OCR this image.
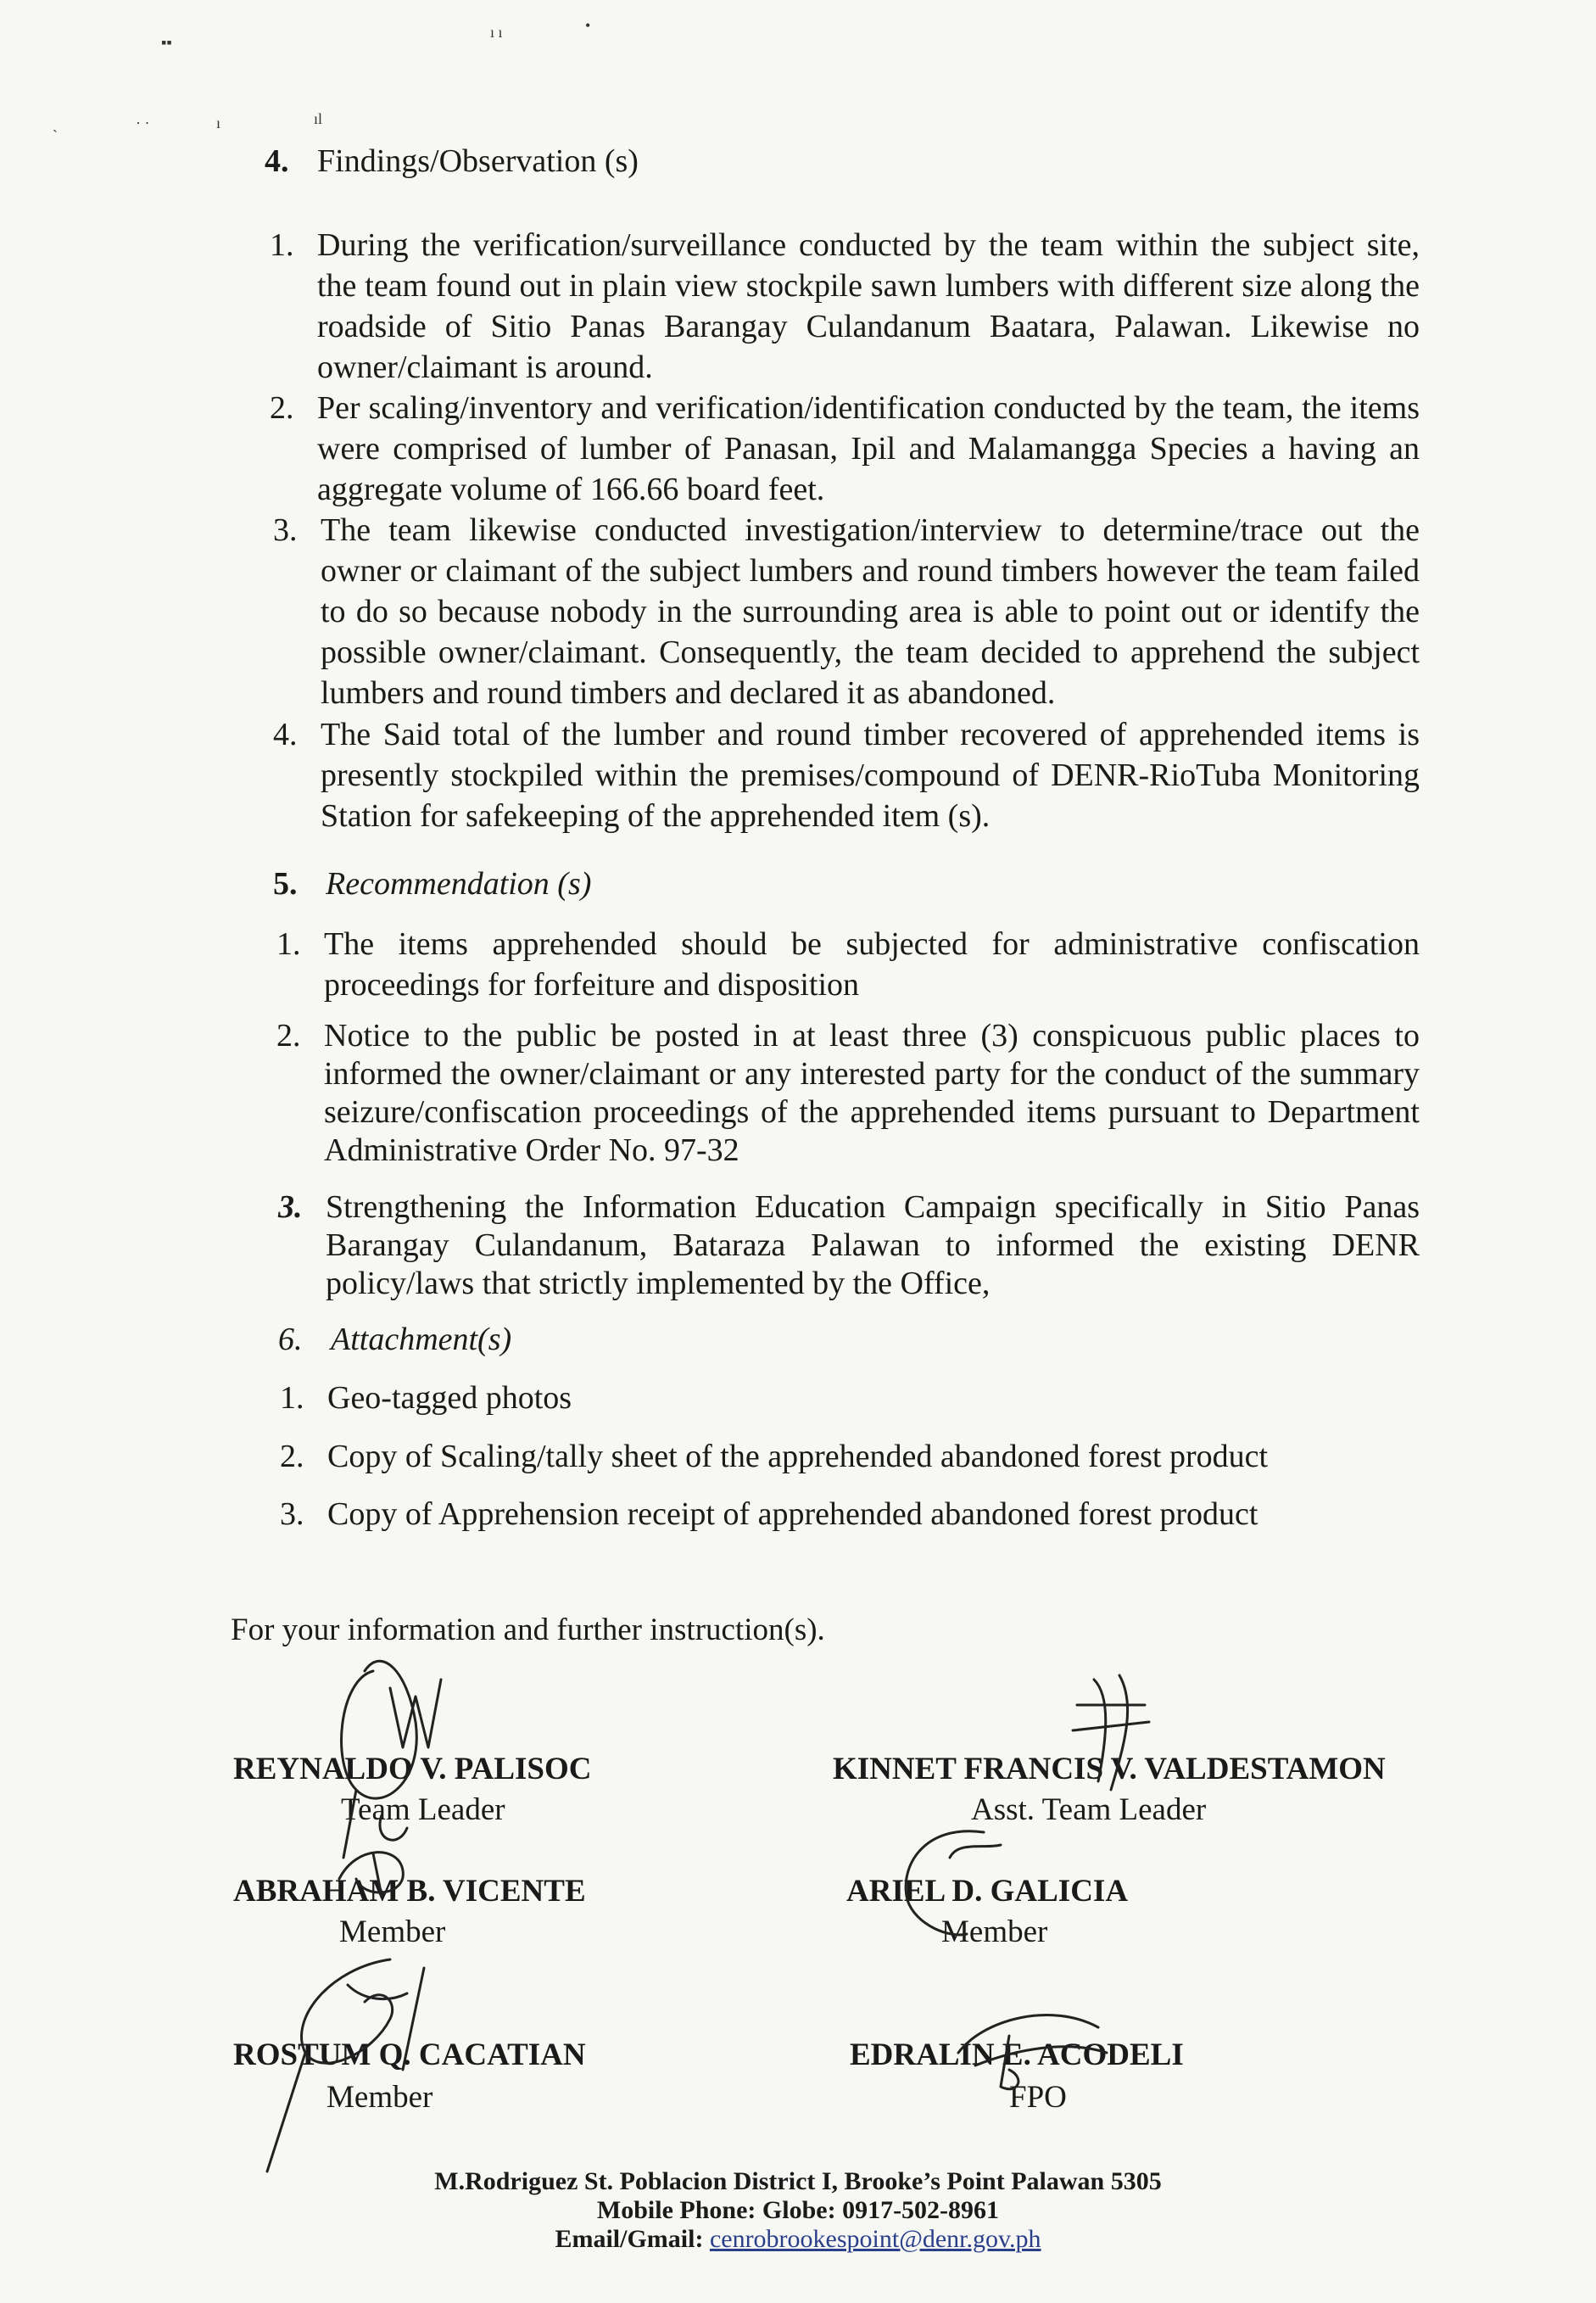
▪▪
ı ı	•
ˋ
· ·	ı	ıl
4. Findings/Observation (s)
1. During the verification/surveillance conducted by the team within the subject site, the team found out in plain view stockpile sawn lumbers with different size along the roadside of Sitio Panas Barangay Culandanum Baatara, Palawan. Likewise no owner/claimant is around.
2. Per scaling/inventory and verification/identification conducted by the team, the items were comprised of lumber of Panasan, Ipil and Malamangga Species a having an aggregate volume of 166.66 board feet.
3. The team likewise conducted investigation/interview to determine/trace out the owner or claimant of the subject lumbers and round timbers however the team failed to do so because nobody in the surrounding area is able to point out or identify the possible owner/claimant. Consequently, the team decided to apprehend the subject lumbers and round timbers and declared it as abandoned.
4. The Said total of the lumber and round timber recovered of apprehended items is presently stockpiled within the premises/compound of DENR-RioTuba Monitoring Station for safekeeping of the apprehended item (s).
5. Recommendation (s)
1. The items apprehended should be subjected for administrative confiscation proceedings for forfeiture and disposition
2. Notice to the public be posted in at least three (3) conspicuous public places to informed the owner/claimant or any interested party for the conduct of the summary seizure/confiscation proceedings of the apprehended items pursuant to Department Administrative Order No. 97-32
3. Strengthening the Information Education Campaign specifically in Sitio Panas Barangay Culandanum, Bataraza Palawan to informed the existing DENR policy/laws that strictly implemented by the Office,
6. Attachment(s)
1. Geo-tagged photos
2. Copy of Scaling/tally sheet of the apprehended abandoned forest product
3. Copy of Apprehension receipt of apprehended abandoned forest product
For your information and further instruction(s).
REYNALDO V. PALISOC
Team Leader
KINNET FRANCIS V. VALDESTAMON
Asst. Team Leader
ABRAHAM B. VICENTE
Member
ARIEL D. GALICIA
Member
ROSTUM Q. CACATIAN
Member
EDRALIN E. ACODELI
FPO
M.Rodriguez St. Poblacion District I, Brooke’s Point Palawan 5305
Mobile Phone: Globe: 0917-502-8961
Email/Gmail: cenrobrookespoint@denr.gov.ph
